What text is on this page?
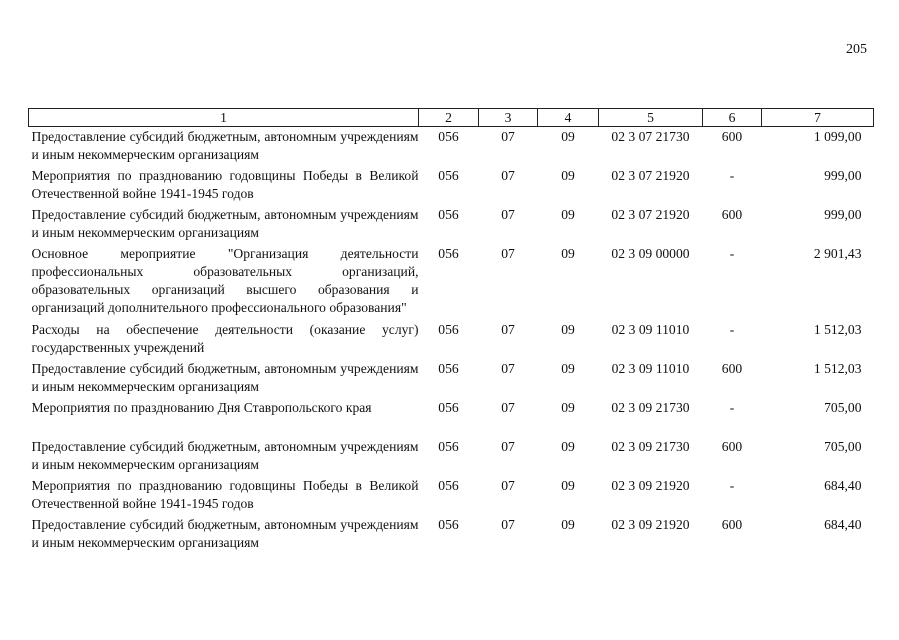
205
1	2	3	4	5	6	7
Предоставление субсидий бюджетным, автономным учреждениям и иным некоммерческим организациям	056	07	09	02 3 07 21730	600	1 099,00
Мероприятия по празднованию годовщины Победы в Великой Отечественной войне 1941-1945 годов	056	07	09	02 3 07 21920	-	999,00
Предоставление субсидий бюджетным, автономным учреждениям и иным некоммерческим организациям	056	07	09	02 3 07 21920	600	999,00
Основное мероприятие "Организация деятельности профессиональных образовательных организаций, образовательных организаций высшего образования и организаций дополнительного профессионального образования"	056	07	09	02 3 09 00000	-	2 901,43
Расходы на обеспечение деятельности (оказание услуг) государственных учреждений	056	07	09	02 3 09 11010	-	1 512,03
Предоставление субсидий бюджетным, автономным учреждениям и иным некоммерческим организациям	056	07	09	02 3 09 11010	600	1 512,03
Мероприятия по празднованию Дня Ставропольского края	056	07	09	02 3 09 21730	-	705,00
Предоставление субсидий бюджетным, автономным учреждениям и иным некоммерческим организациям	056	07	09	02 3 09 21730	600	705,00
Мероприятия по празднованию годовщины Победы в Великой Отечественной войне 1941-1945 годов	056	07	09	02 3 09 21920	-	684,40
Предоставление субсидий бюджетным, автономным учреждениям и иным некоммерческим организациям	056	07	09	02 3 09 21920	600	684,40
